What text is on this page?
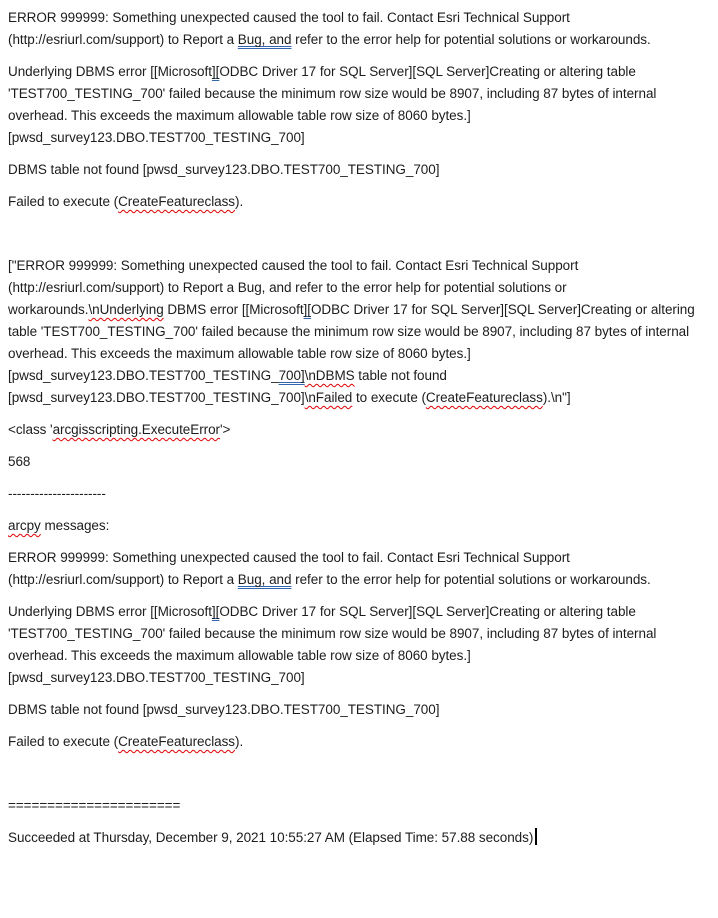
ERROR 999999: Something unexpected caused the tool to fail. Contact Esri Technical Support (http://esriurl.com/support) to Report a Bug, and refer to the error help for potential solutions or workarounds.

Underlying DBMS error [[Microsoft][ODBC Driver 17 for SQL Server][SQL Server]Creating or altering table 'TEST700_TESTING_700' failed because the minimum row size would be 8907, including 87 bytes of internal overhead. This exceeds the maximum allowable table row size of 8060 bytes.] [pwsd_survey123.DBO.TEST700_TESTING_700]

DBMS table not found [pwsd_survey123.DBO.TEST700_TESTING_700]

Failed to execute (CreateFeatureclass).

["ERROR 999999: Something unexpected caused the tool to fail. Contact Esri Technical Support (http://esriurl.com/support) to Report a Bug, and refer to the error help for potential solutions or workarounds.\nUnderlying DBMS error [[Microsoft][ODBC Driver 17 for SQL Server][SQL Server]Creating or altering table 'TEST700_TESTING_700' failed because the minimum row size would be 8907, including 87 bytes of internal overhead. This exceeds the maximum allowable table row size of 8060 bytes.] [pwsd_survey123.DBO.TEST700_TESTING_700]\nDBMS table not found [pwsd_survey123.DBO.TEST700_TESTING_700]\nFailed to execute (CreateFeatureclass).\n"]

<class 'arcgisscripting.ExecuteError'>

568

----------------------

arcpy messages:

ERROR 999999: Something unexpected caused the tool to fail. Contact Esri Technical Support (http://esriurl.com/support) to Report a Bug, and refer to the error help for potential solutions or workarounds.

Underlying DBMS error [[Microsoft][ODBC Driver 17 for SQL Server][SQL Server]Creating or altering table 'TEST700_TESTING_700' failed because the minimum row size would be 8907, including 87 bytes of internal overhead. This exceeds the maximum allowable table row size of 8060 bytes.] [pwsd_survey123.DBO.TEST700_TESTING_700]

DBMS table not found [pwsd_survey123.DBO.TEST700_TESTING_700]

Failed to execute (CreateFeatureclass).

======================

Succeeded at Thursday, December 9, 2021 10:55:27 AM (Elapsed Time: 57.88 seconds)
